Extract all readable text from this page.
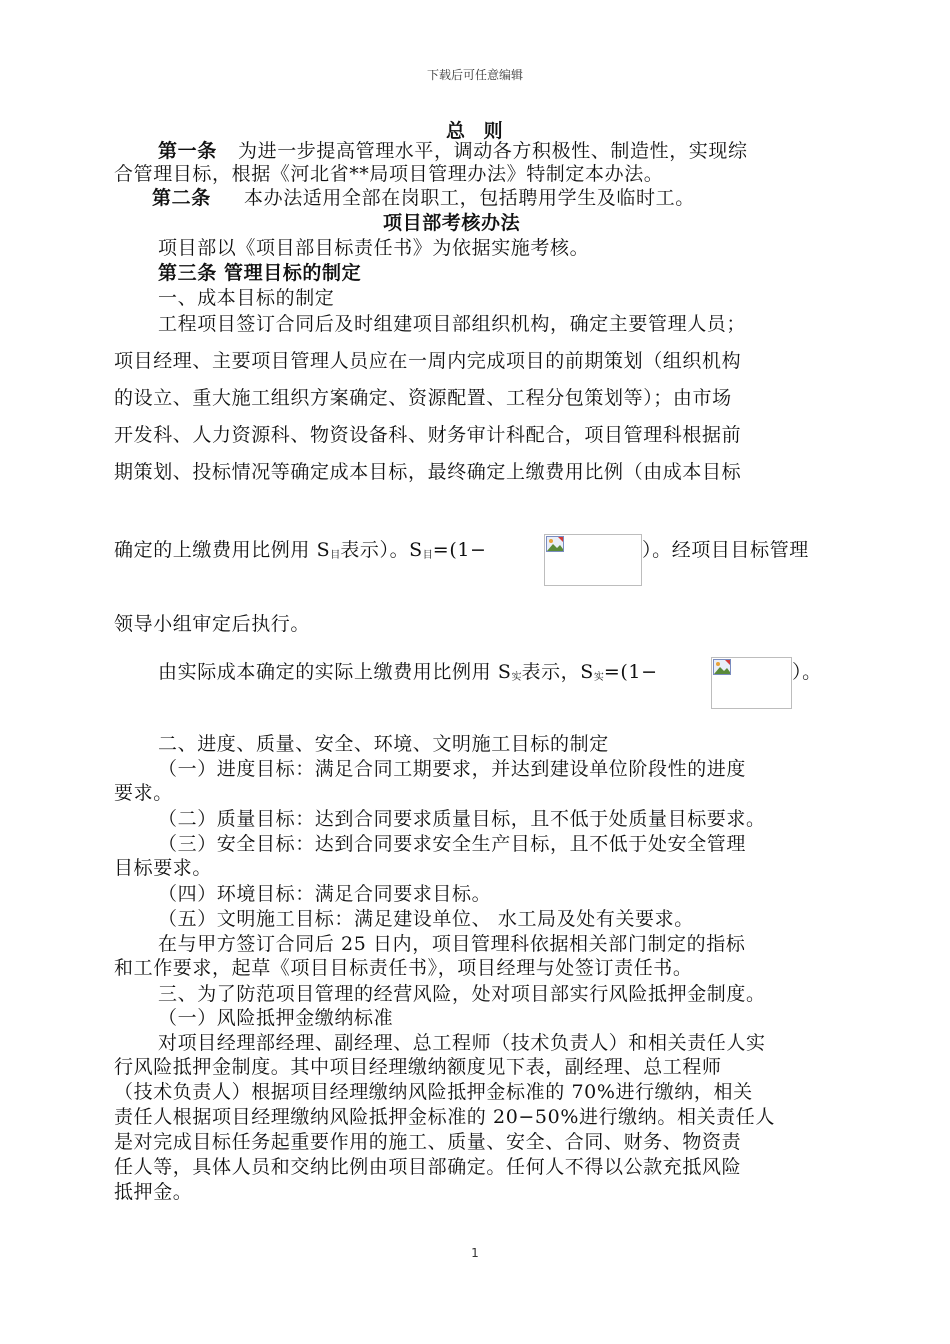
下载后可任意编辑
总 则
第一条 为进一步提高管理水平，调动各方积极性、制造性，实现综
合管理目标，根据《河北省**局项目管理办法》特制定本办法。
第二条 本办法适用全部在岗职工，包括聘用学生及临时工。
项目部考核办法
项目部以《项目部目标责任书》为依据实施考核。
第三条 管理目标的制定
一、成本目标的制定
工程项目签订合同后及时组建项目部组织机构，确定主要管理人员；
项目经理、主要项目管理人员应在一周内完成项目的前期策划（组织机构
的设立、重大施工组织方案确定、资源配置、工程分包策划等）；由市场
开发科、人力资源科、物资设备科、财务审计科配合，项目管理科根据前
期策划、投标情况等确定成本目标，最终确定上缴费用比例（由成本目标
确定的上缴费用比例用 $S_目$表示）。$S_目=(1-$	）。经项目目标管理
领导小组审定后执行。
由实际成本确定的实际上缴费用比例用 $S_实$表示，$S_实=(1-$	）。
二、进度、质量、安全、环境、文明施工目标的制定
（一）进度目标：满足合同工期要求，并达到建设单位阶段性的进度
要求。
（二）质量目标：达到合同要求质量目标，且不低于处质量目标要求。
（三）安全目标：达到合同要求安全生产目标，且不低于处安全管理
目标要求。
（四）环境目标：满足合同要求目标。
（五）文明施工目标：满足建设单位、 水工局及处有关要求。
在与甲方签订合同后 25 日内，项目管理科依据相关部门制定的指标
和工作要求，起草《项目目标责任书》，项目经理与处签订责任书。
三、为了防范项目管理的经营风险，处对项目部实行风险抵押金制度。
（一）风险抵押金缴纳标准
对项目经理部经理、副经理、总工程师（技术负责人）和相关责任人实
行风险抵押金制度。其中项目经理缴纳额度见下表，副经理、总工程师
（技术负责人）根据项目经理缴纳风险抵押金标准的 70%进行缴纳，相关
责任人根据项目经理缴纳风险抵押金标准的 20−50%进行缴纳。相关责任人
是对完成目标任务起重要作用的施工、质量、安全、合同、财务、物资责
任人等，具体人员和交纳比例由项目部确定。任何人不得以公款充抵风险
抵押金。
1
